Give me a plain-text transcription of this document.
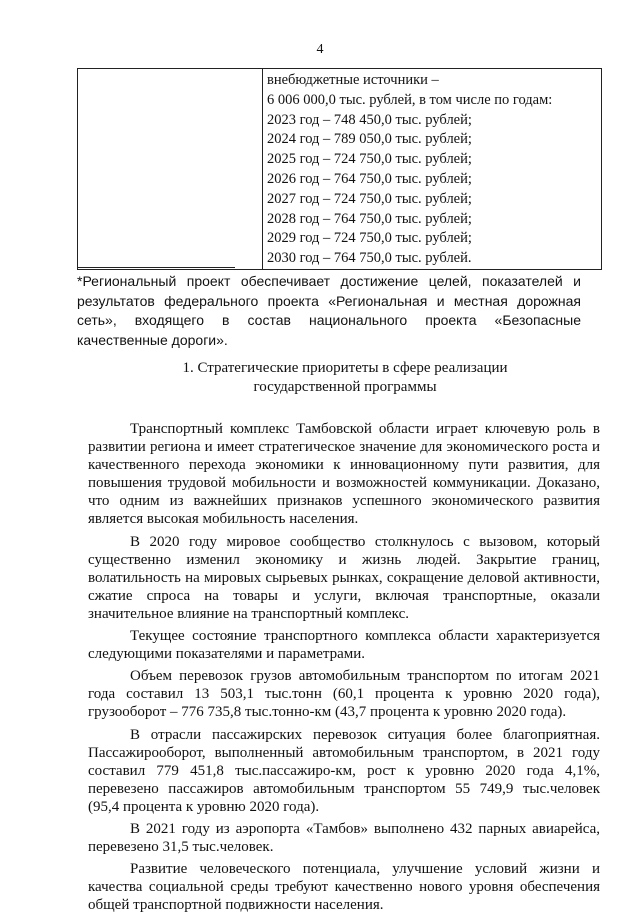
4

внебюджетные источники –
6 006 000,0 тыс. рублей, в том числе по годам:
2023 год – 748 450,0 тыс. рублей;
2024 год – 789 050,0 тыс. рублей;
2025 год – 724 750,0 тыс. рублей;
2026 год – 764 750,0 тыс. рублей;
2027 год – 724 750,0 тыс. рублей;
2028 год – 764 750,0 тыс. рублей;
2029 год – 724 750,0 тыс. рублей;
2030 год – 764 750,0 тыс. рублей.
*Региональный проект обеспечивает достижение целей, показателей и результатов федерального проекта «Региональная и местная дорожная сеть», входящего в состав национального проекта «Безопасные качественные дороги».
1. Стратегические приоритеты в сфере реализации
государственной программы

Транспортный комплекс Тамбовской области играет ключевую роль в развитии региона и имеет стратегическое значение для экономического роста и качественного перехода экономики к инновационному пути развития, для повышения трудовой мобильности и возможностей коммуникации. Доказано, что одним из важнейших признаков успешного экономического развития является высокая мобильность населения.

В 2020 году мировое сообщество столкнулось с вызовом, который существенно изменил экономику и жизнь людей. Закрытие границ, волатильность на мировых сырьевых рынках, сокращение деловой активности, сжатие спроса на товары и услуги, включая транспортные, оказали значительное влияние на транспортный комплекс.

Текущее состояние транспортного комплекса области характеризуется следующими показателями и параметрами.

Объем перевозок грузов автомобильным транспортом по итогам 2021 года составил 13 503,1 тыс.тонн (60,1 процента к уровню 2020 года), грузооборот – 776 735,8 тыс.тонно-км (43,7 процента к уровню 2020 года).

В отрасли пассажирских перевозок ситуация более благоприятная. Пассажирооборот, выполненный автомобильным транспортом, в 2021 году составил 779 451,8 тыс.пассажиро-км, рост к уровню 2020 года 4,1%, перевезено пассажиров автомобильным транспортом 55 749,9 тыс.человек (95,4 процента к уровню 2020 года).

В 2021 году из аэропорта «Тамбов» выполнено 432 парных авиарейса, перевезено 31,5 тыс.человек.

Развитие человеческого потенциала, улучшение условий жизни и качества социальной среды требуют качественно нового уровня обеспечения общей транспортной подвижности населения.
